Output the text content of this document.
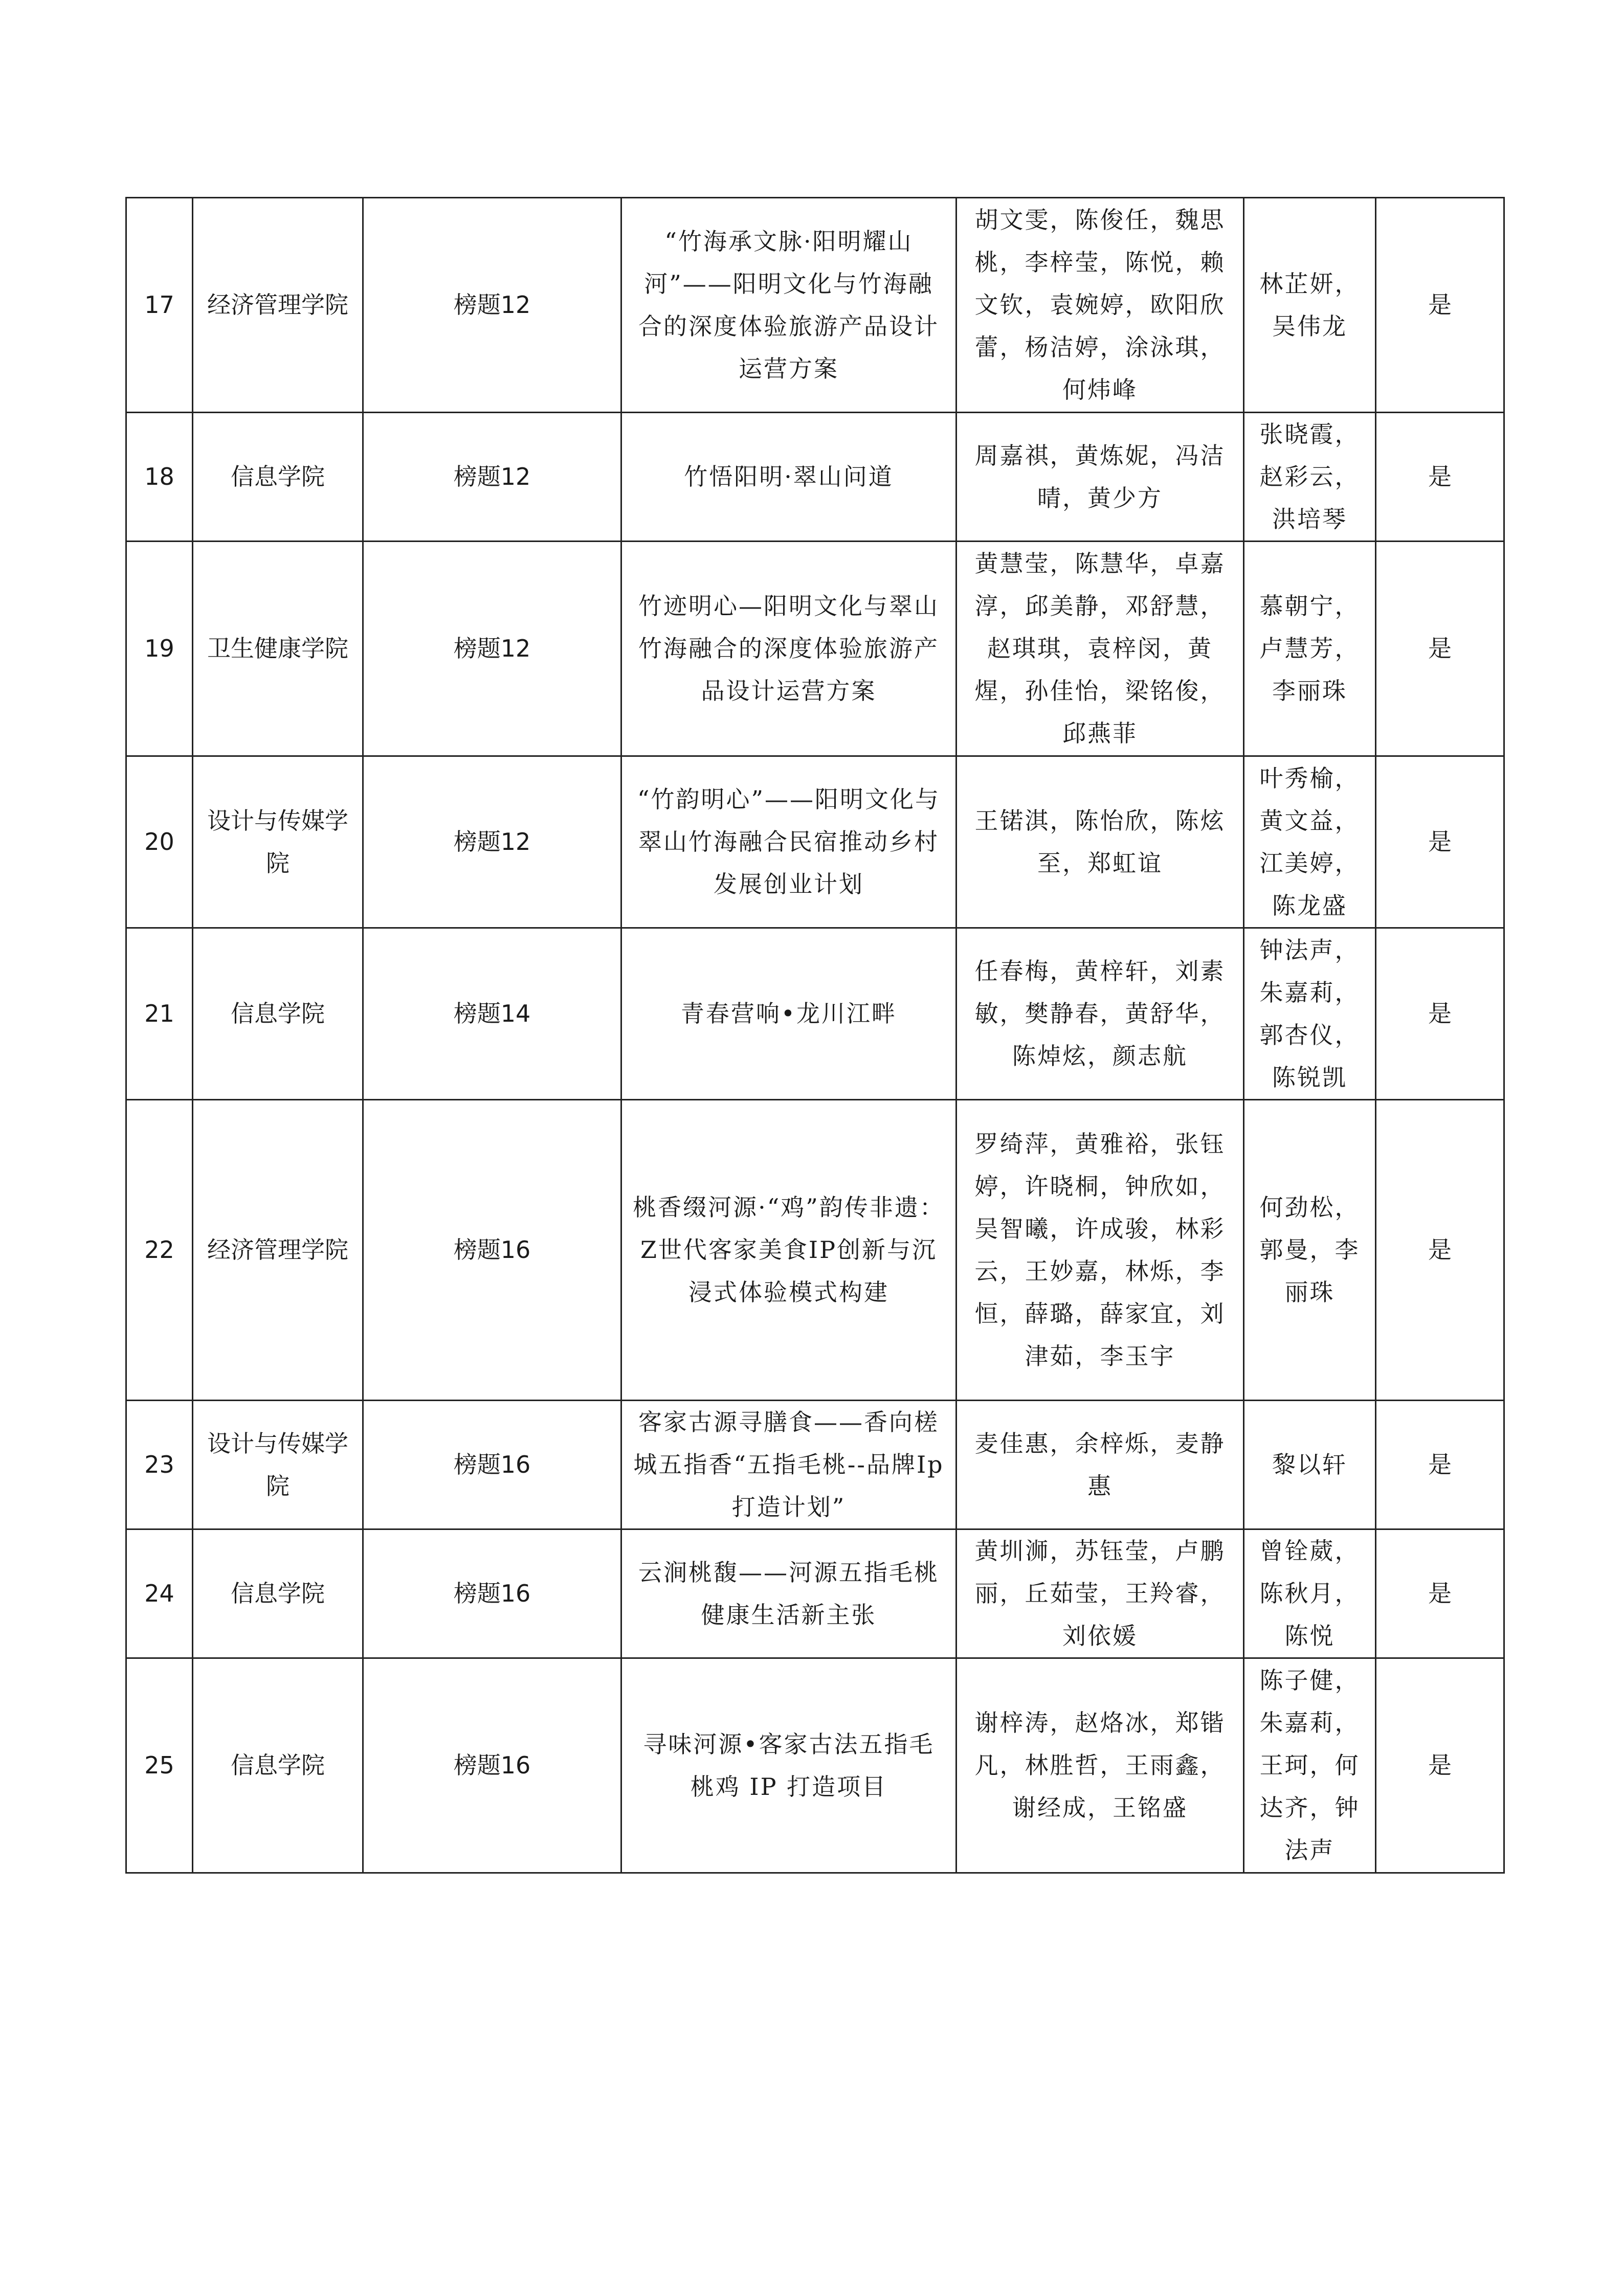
17	经济管理学院	榜题12	“竹海承文脉·阳明耀山河”——阳明文化与竹海融合的深度体验旅游产品设计运营方案	胡文雯，陈俊任，魏思桃，李梓莹，陈悦，赖文钦，袁婉婷，欧阳欣蕾，杨洁婷，涂泳琪，何炜峰	林芷妍，吴伟龙	是
18	信息学院	榜题12	竹悟阳明·翠山问道	周嘉祺，黄炼妮，冯洁晴，黄少方	张晓霞，赵彩云，洪培琴	是
19	卫生健康学院	榜题12	竹迹明心—阳明文化与翠山竹海融合的深度体验旅游产品设计运营方案	黄慧莹，陈慧华，卓嘉淳，邱美静，邓舒慧，赵琪琪，袁梓闵，黄煋，孙佳怡，梁铭俊，邱燕菲	慕朝宁，卢慧芳，李丽珠	是
20	设计与传媒学院	榜题12	“竹韵明心”——阳明文化与翠山竹海融合民宿推动乡村发展创业计划	王锘淇，陈怡欣，陈炫至，郑虹谊	叶秀榆，黄文益，江美婷，陈龙盛	是
21	信息学院	榜题14	青春营响•龙川江畔	任春梅，黄梓轩，刘素敏，樊静春，黄舒华，陈焯炫，颜志航	钟法声，朱嘉莉，郭杏仪，陈锐凯	是
22	经济管理学院	榜题16	桃香缀河源·“鸡”韵传非遗：Z世代客家美食IP创新与沉浸式体验模式构建	罗绮萍，黄雅裕，张钰婷，许晓桐，钟欣如，吴智曦，许成骏，林彩云，王妙嘉，林烁，李恒，薛璐，薛家宜，刘津茹，李玉宇	何劲松，郭曼，李丽珠	是
23	设计与传媒学院	榜题16	客家古源寻膳食——香向槎城五指香“五指毛桃--品牌Ip打造计划”	麦佳惠，余梓烁，麦静惠	黎以轩	是
24	信息学院	榜题16	云涧桃馥——河源五指毛桃健康生活新主张	黄圳浉，苏钰莹，卢鹏丽，丘茹莹，王羚睿，刘依媛	曾铨葳，陈秋月，陈悦	是
25	信息学院	榜题16	寻味河源•客家古法五指毛桃鸡 IP 打造项目	谢梓涛，赵烙冰，郑锴凡，林胜哲，王雨鑫，谢经成，王铭盛	陈子健，朱嘉莉，王珂，何达齐，钟法声	是
